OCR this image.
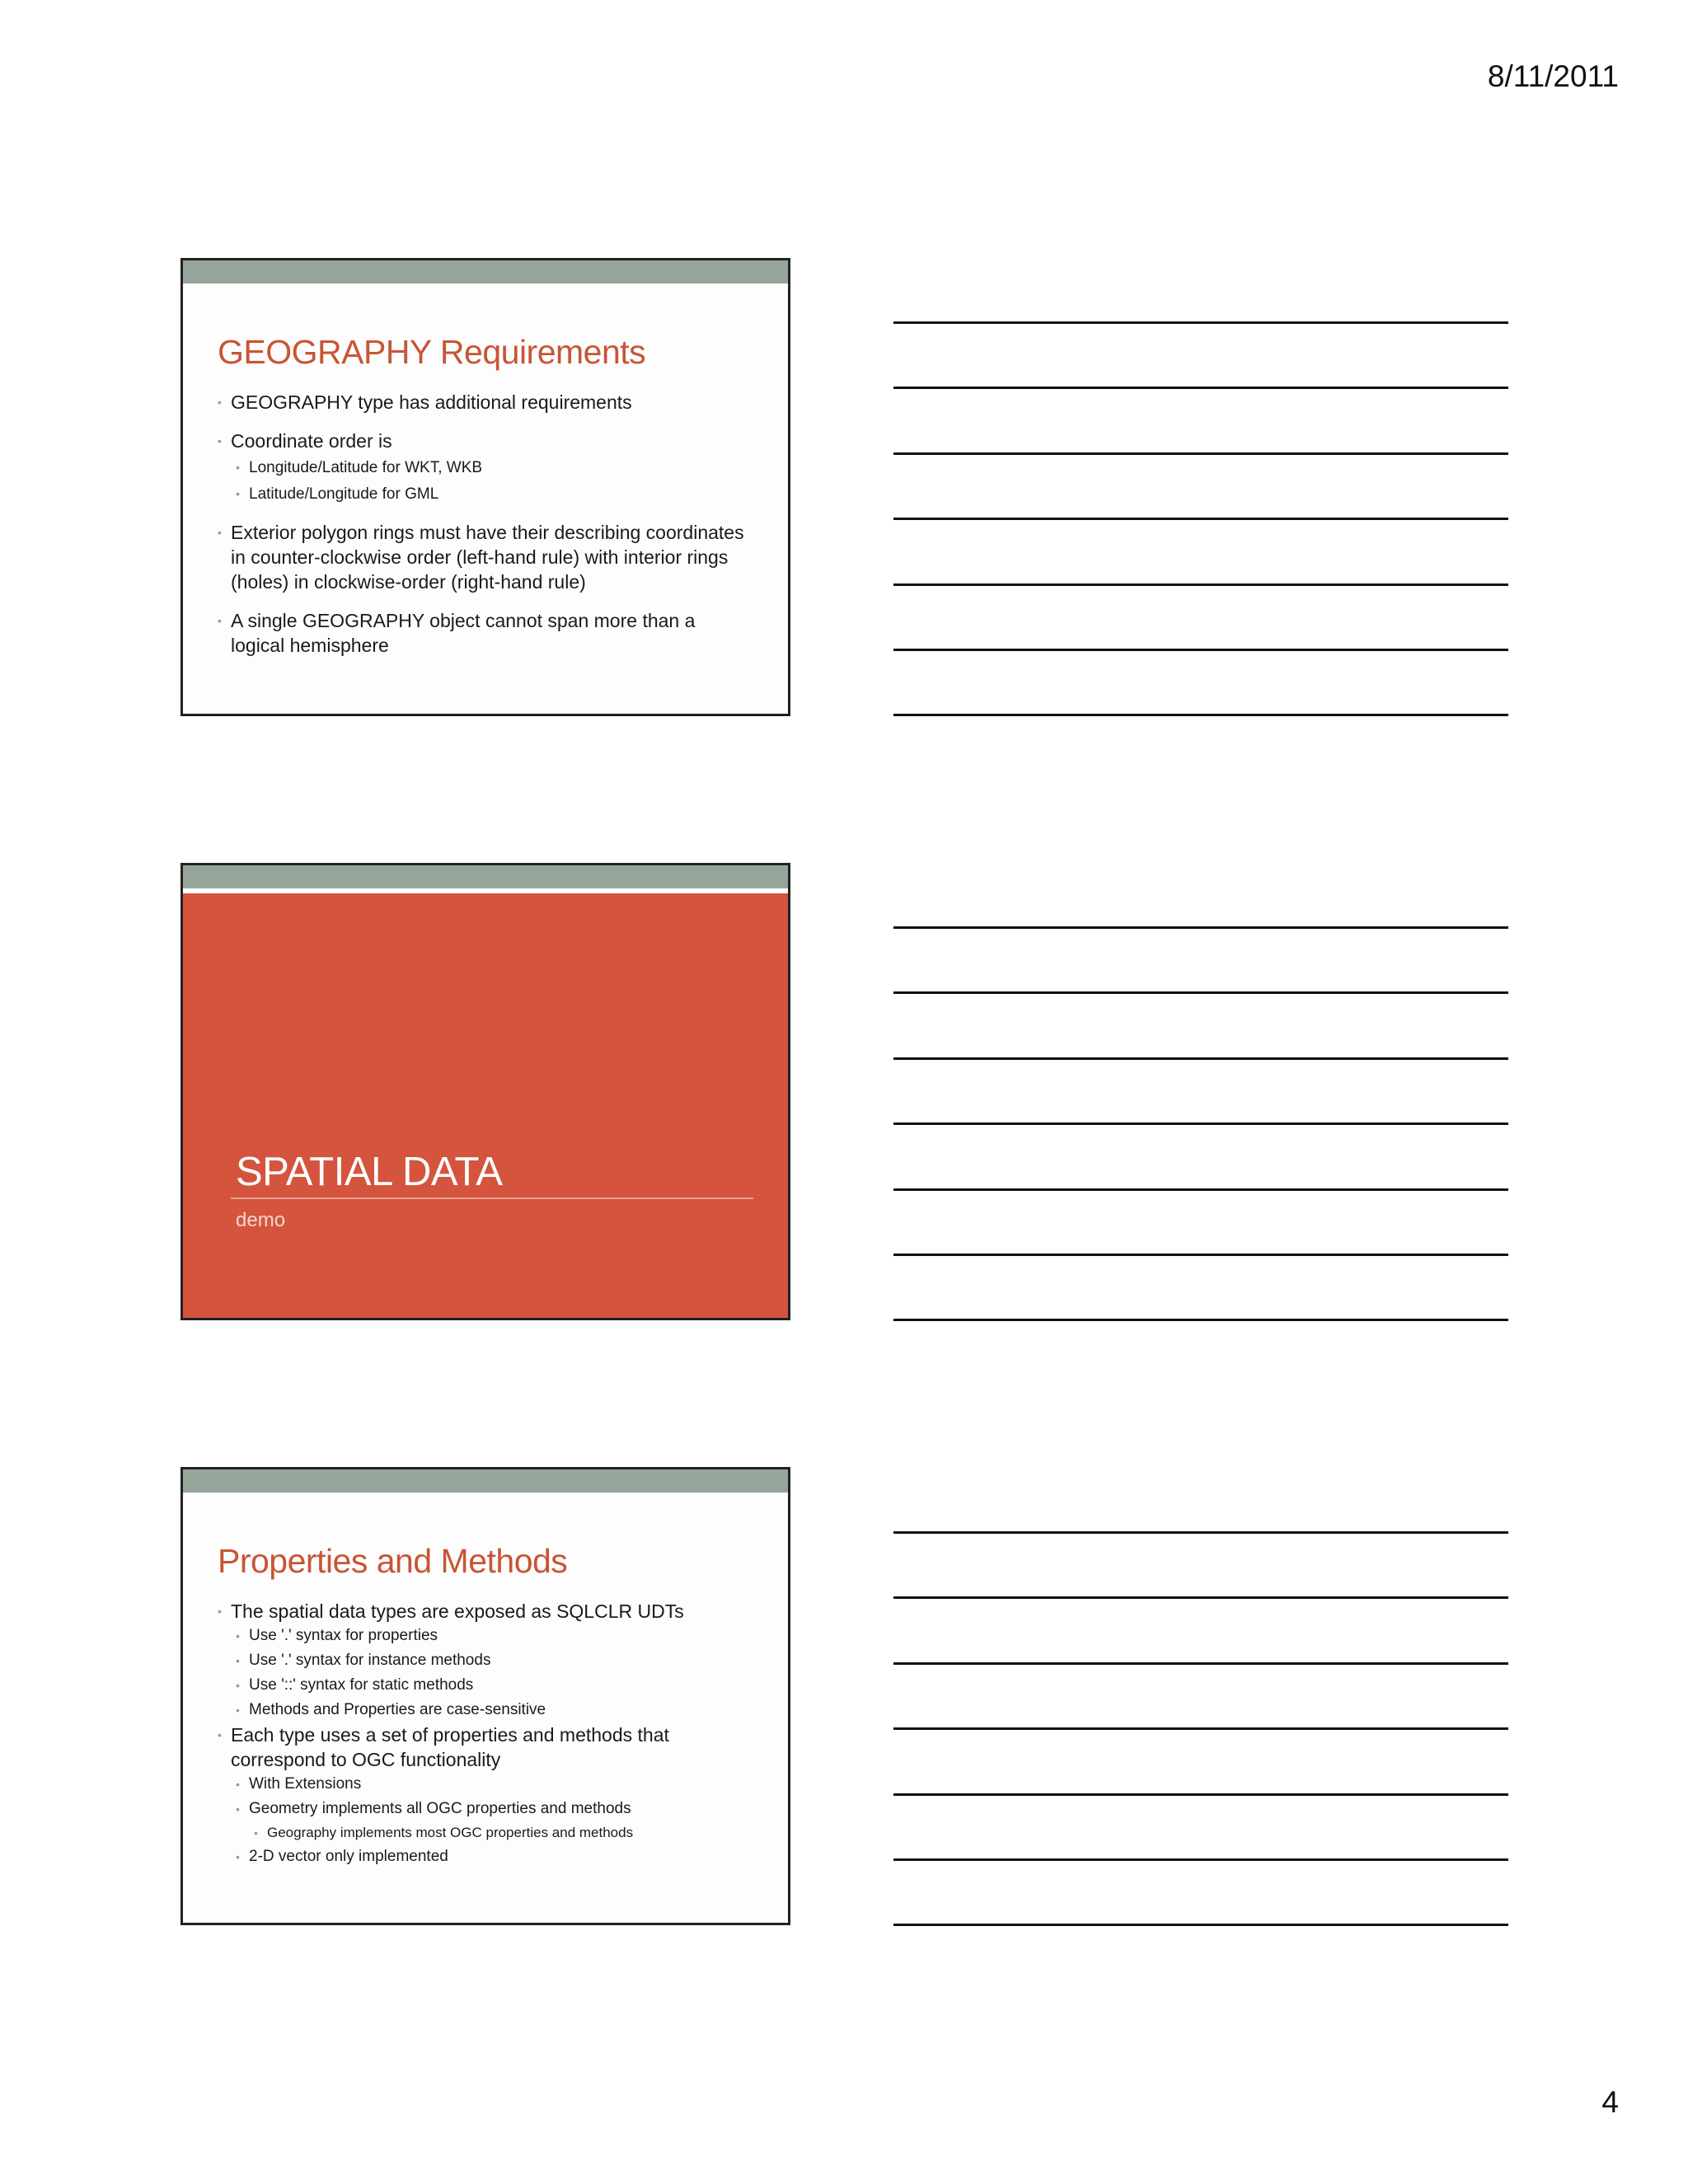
8/11/2011
GEOGRAPHY Requirements
• GEOGRAPHY type has additional requirements
• Coordinate order is
• Longitude/Latitude for WKT, WKB
• Latitude/Longitude for GML
• Exterior polygon rings must have their describing coordinates in counter-clockwise order (left-hand rule) with interior rings (holes) in clockwise-order (right-hand rule)
• A single GEOGRAPHY object cannot span more than a logical hemisphere
SPATIAL DATA
demo
Properties and Methods
• The spatial data types are exposed as SQLCLR UDTs
• Use '.' syntax for properties
• Use '.' syntax for instance methods
• Use '::' syntax for static methods
• Methods and Properties are case-sensitive
• Each type uses a set of properties and methods that correspond to OGC functionality
• With Extensions
• Geometry implements all OGC properties and methods
• Geography implements most OGC properties and methods
• 2-D vector only implemented
4
